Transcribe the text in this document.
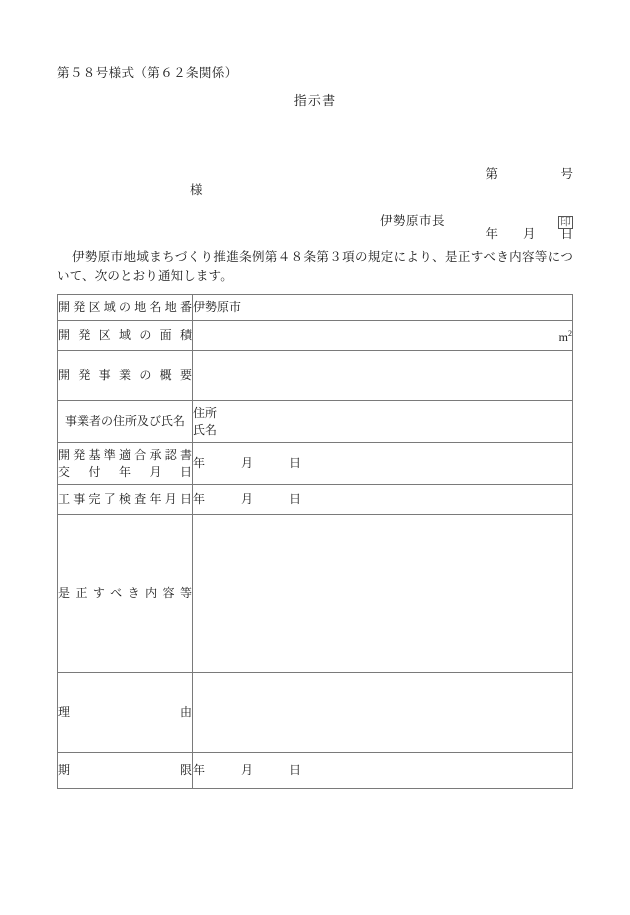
第５８号様式（第６２条関係）
指示書

第　　　　　号

年　　月　　日

様
伊勢原市長	印
伊勢原市地域まちづくり推進条例第４８条第３項の規定により、是正すべき内容等について、次のとおり通知します。
開発区域の地名地番	伊勢原市
開発区域の面積	$m^2$
開発事業の概要	
事業者の住所及び氏名	住所
氏名

開発基準適合承認書
交付年月日	年　　　月　　　日
工事完了検査年月日	年　　　月　　　日
是正すべき内容等	
理由	
期限	年　　　月　　　日
